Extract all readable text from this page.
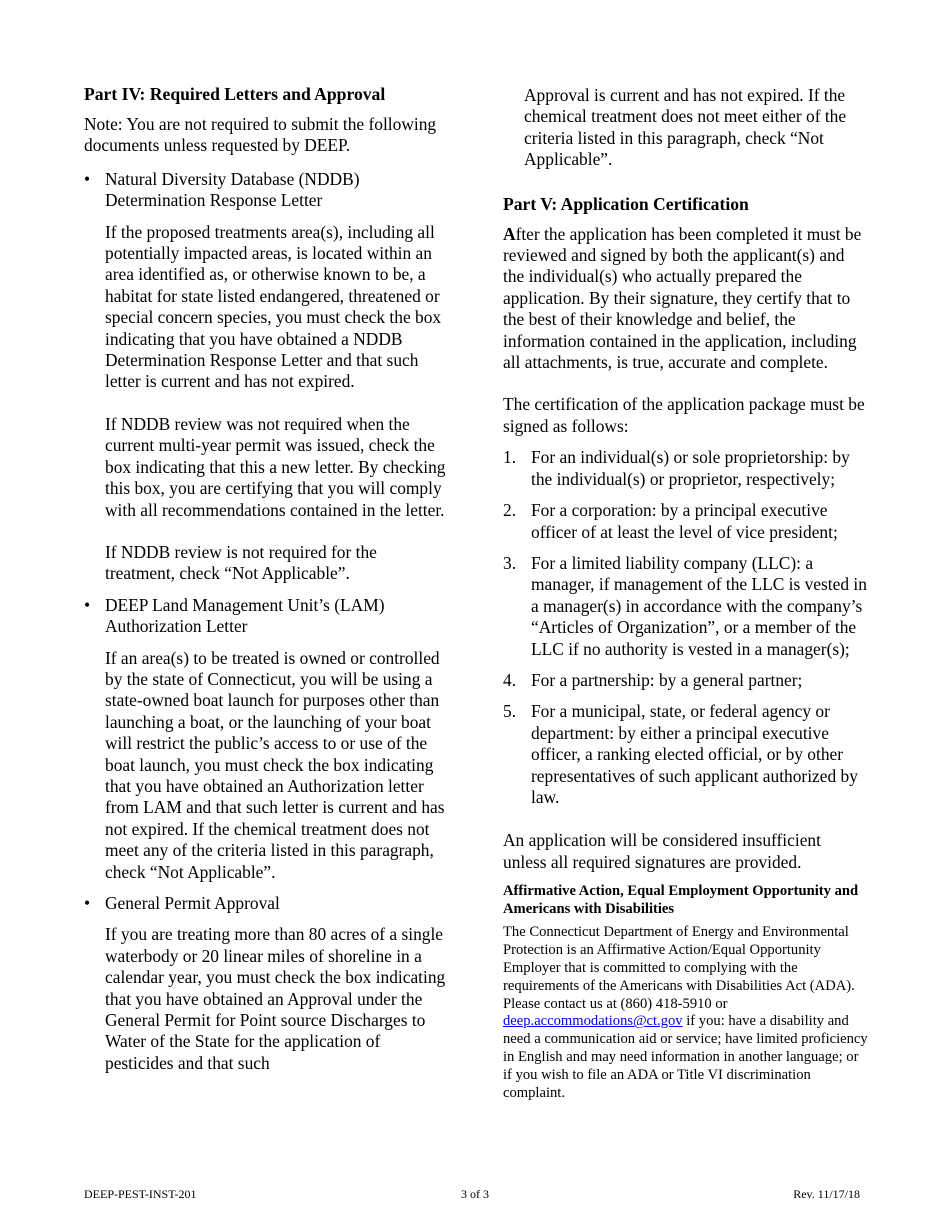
Part IV: Required Letters and Approval

Note: You are not required to submit the following documents unless requested by DEEP.

• Natural Diversity Database (NDDB) Determination Response Letter

If the proposed treatments area(s), including all potentially impacted areas, is located within an area identified as, or otherwise known to be, a habitat for state listed endangered, threatened or special concern species, you must check the box indicating that you have obtained a NDDB Determination Response Letter and that such letter is current and has not expired.

If NDDB review was not required when the current multi-year permit was issued, check the box indicating that this a new letter. By checking this box, you are certifying that you will comply with all recommendations contained in the letter.

If NDDB review is not required for the treatment, check “Not Applicable”.

• DEEP Land Management Unit’s (LAM) Authorization Letter

If an area(s) to be treated is owned or controlled by the state of Connecticut, you will be using a state-owned boat launch for purposes other than launching a boat, or the launching of your boat will restrict the public’s access to or use of the boat launch, you must check the box indicating that you have obtained an Authorization letter from LAM and that such letter is current and has not expired. If the chemical treatment does not meet any of the criteria listed in this paragraph, check “Not Applicable”.

• General Permit Approval

If you are treating more than 80 acres of a single waterbody or 20 linear miles of shoreline in a calendar year, you must check the box indicating that you have obtained an Approval under the General Permit for Point source Discharges to Water of the State for the application of pesticides and that such

Approval is current and has not expired. If the chemical treatment does not meet either of the criteria listed in this paragraph, check “Not Applicable”.

Part V: Application Certification

After the application has been completed it must be reviewed and signed by both the applicant(s) and the individual(s) who actually prepared the application. By their signature, they certify that to the best of their knowledge and belief, the information contained in the application, including all attachments, is true, accurate and complete.

The certification of the application package must be signed as follows:

1. For an individual(s) or sole proprietorship: by the individual(s) or proprietor, respectively;

2. For a corporation: by a principal executive officer of at least the level of vice president;

3. For a limited liability company (LLC): a manager, if management of the LLC is vested in a manager(s) in accordance with the company’s “Articles of Organization”, or a member of the LLC if no authority is vested in a manager(s);

4. For a partnership: by a general partner;

5. For a municipal, state, or federal agency or department: by either a principal executive officer, a ranking elected official, or by other representatives of such applicant authorized by law.

An application will be considered insufficient unless all required signatures are provided.

Affirmative Action, Equal Employment Opportunity and Americans with Disabilities

The Connecticut Department of Energy and Environmental Protection is an Affirmative Action/Equal Opportunity Employer that is committed to complying with the requirements of the Americans with Disabilities Act (ADA). Please contact us at (860) 418-5910 or deep.accommodations@ct.gov if you: have a disability and need a communication aid or service; have limited proficiency in English and may need information in another language; or if you wish to file an ADA or Title VI discrimination complaint.

DEEP-PEST-INST-201	3 of 3	Rev. 11/17/18
